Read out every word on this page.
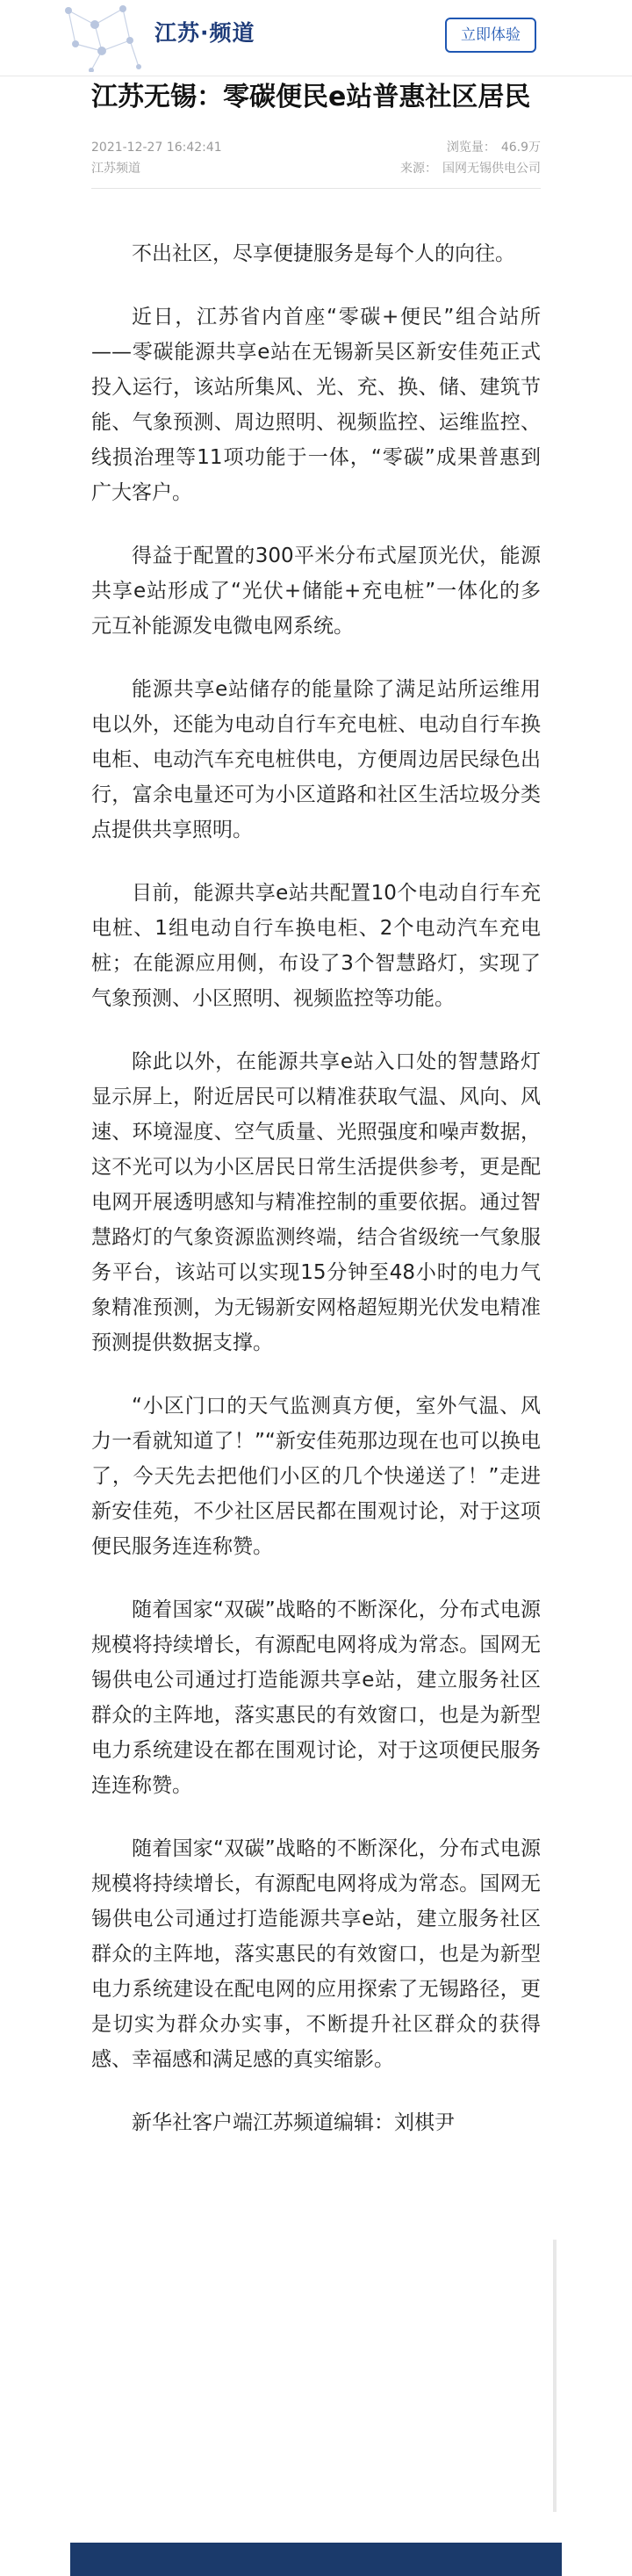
江苏·频道	立即体验
江苏无锡：零碳便民e站普惠社区居民
2021-12-27 16:42:41	浏览量： 46.9万
江苏频道	来源： 国网无锡供电公司

不出社区，尽享便捷服务是每个人的向往。

近日，江苏省内首座“零碳+便民”组合站所——零碳能源共享e站在无锡新吴区新安佳苑正式投入运行，该站所集风、光、充、换、储、建筑节能、气象预测、周边照明、视频监控、运维监控、线损治理等11项功能于一体，“零碳”成果普惠到广大客户。

得益于配置的300平米分布式屋顶光伏，能源共享e站形成了“光伏+储能+充电桩”一体化的多元互补能源发电微电网系统。

能源共享e站储存的能量除了满足站所运维用电以外，还能为电动自行车充电桩、电动自行车换电柜、电动汽车充电桩供电，方便周边居民绿色出行，富余电量还可为小区道路和社区生活垃圾分类点提供共享照明。

目前，能源共享e站共配置10个电动自行车充电桩、1组电动自行车换电柜、2个电动汽车充电桩；在能源应用侧，布设了3个智慧路灯，实现了气象预测、小区照明、视频监控等功能。

除此以外，在能源共享e站入口处的智慧路灯显示屏上，附近居民可以精准获取气温、风向、风速、环境湿度、空气质量、光照强度和噪声数据，这不光可以为小区居民日常生活提供参考，更是配电网开展透明感知与精准控制的重要依据。通过智慧路灯的气象资源监测终端，结合省级统一气象服务平台，该站可以实现15分钟至48小时的电力气象精准预测，为无锡新安网格超短期光伏发电精准预测提供数据支撑。

“小区门口的天气监测真方便，室外气温、风力一看就知道了！”“新安佳苑那边现在也可以换电了，今天先去把他们小区的几个快递送了！”走进新安佳苑，不少社区居民都在围观讨论，对于这项便民服务连连称赞。

随着国家“双碳”战略的不断深化，分布式电源规模将持续增长，有源配电网将成为常态。国网无锡供电公司通过打造能源共享e站，建立服务社区群众的主阵地，落实惠民的有效窗口，也是为新型电力系统建设在都在围观讨论，对于这项便民服务连连称赞。

随着国家“双碳”战略的不断深化，分布式电源规模将持续增长，有源配电网将成为常态。国网无锡供电公司通过打造能源共享e站，建立服务社区群众的主阵地，落实惠民的有效窗口，也是为新型电力系统建设在配电网的应用探索了无锡路径，更是切实为群众办实事，不断提升社区群众的获得感、幸福感和满足感的真实缩影。

新华社客户端江苏频道编辑：刘棋尹
